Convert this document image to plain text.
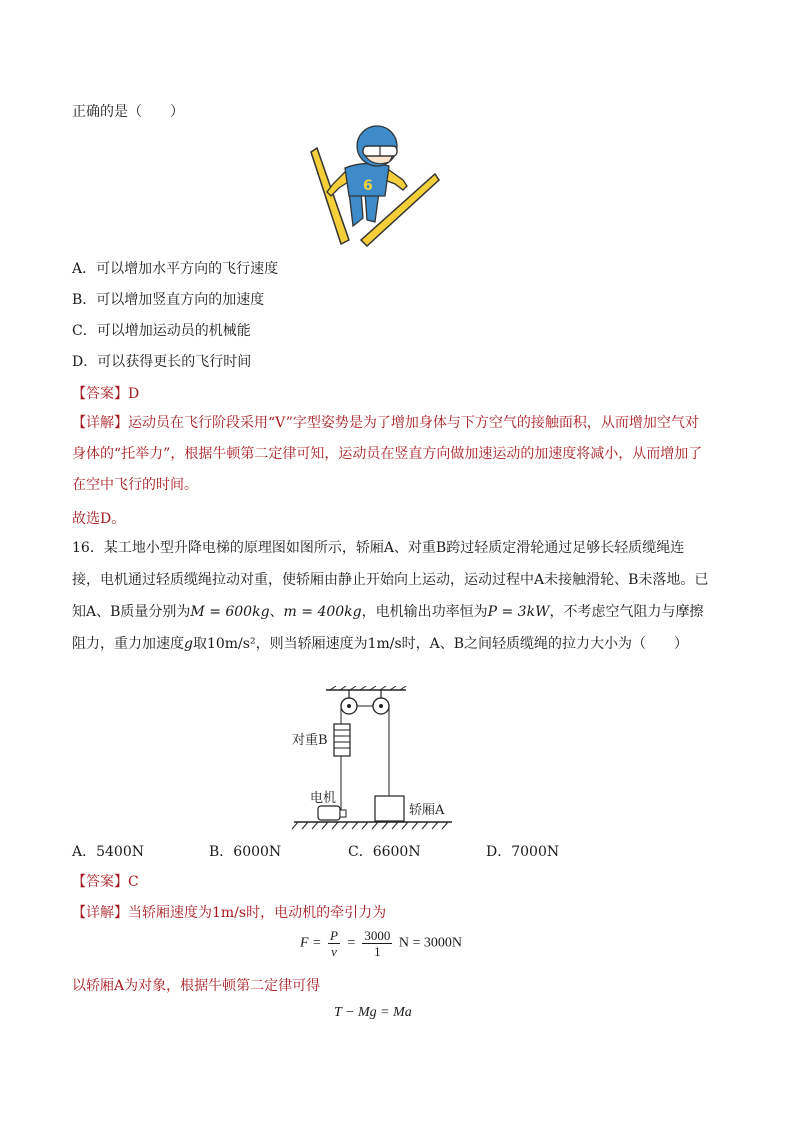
正确的是（　　）
6
A．可以增加水平方向的飞行速度
B．可以增加竖直方向的加速度
C．可以增加运动员的机械能
D．可以获得更长的飞行时间
【答案】D
【详解】运动员在飞行阶段采用“V”字型姿势是为了增加身体与下方空气的接触面积，从而增加空气对身体的“托举力”，根据牛顿第二定律可知，运动员在竖直方向做加速运动的加速度将减小，从而增加了在空中飞行的时间。
故选D。
16．某工地小型升降电梯的原理图如图所示，轿厢A、对重B跨过轻质定滑轮通过足够长轻质缆绳连接，电机通过轻质缆绳拉动对重，使轿厢由静止开始向上运动，运动过程中A未接触滑轮、B未落地。已知A、B质量分别为M = 600kg、m = 400kg，电机输出功率恒为P = 3kW，不考虑空气阻力与摩擦阻力，重力加速度g取10m/s²，则当轿厢速度为1m/s时，A、B之间轻质缆绳的拉力大小为（　　）
对重B
电机
轿厢A
A．5400N	B．6000N	C．6600N	D．7000N
【答案】C
【详解】当轿厢速度为1m/s时，电动机的牵引力为
$F = \frac{P}{v} = \frac{3000}{1}$ N = 3000N
以轿厢A为对象，根据牛顿第二定律可得
T − Mg = Ma
